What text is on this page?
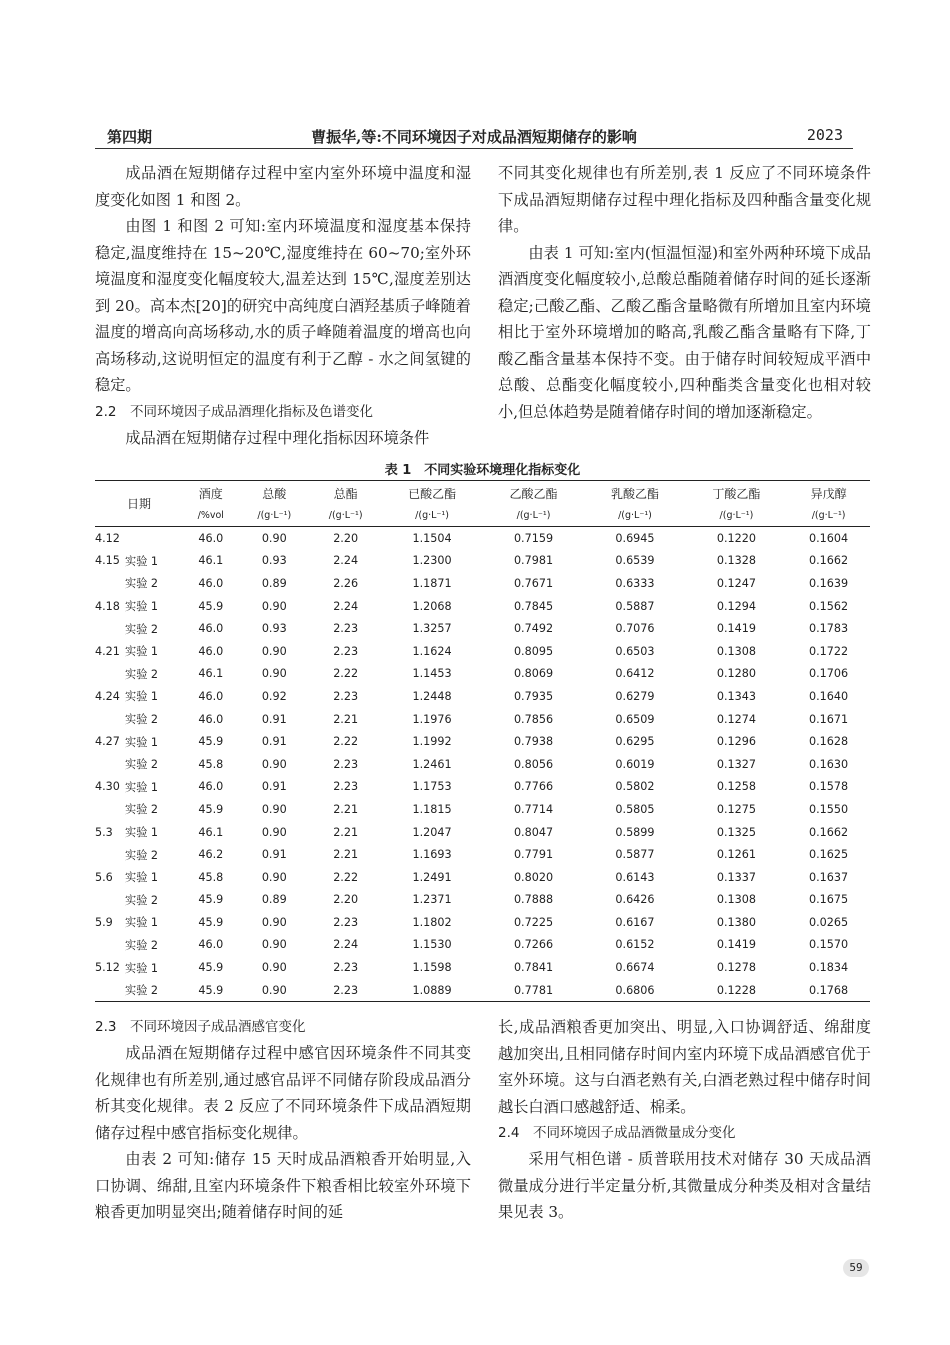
第四期	曹振华,等:不同环境因子对成品酒短期储存的影响	2023

成品酒在短期储存过程中室内室外环境中温度和湿度变化如图 1 和图 2。

由图 1 和图 2 可知:室内环境温度和湿度基本保持稳定,温度维持在 15~20℃,湿度维持在 60~70;室外环境温度和湿度变化幅度较大,温差达到 15℃,湿度差别达到 20。高本杰[20]的研究中高纯度白酒羟基质子峰随着温度的增高向高场移动,水的质子峰随着温度的增高也向高场移动,这说明恒定的温度有利于乙醇 - 水之间氢键的稳定。

2.2　不同环境因子成品酒理化指标及色谱变化

成品酒在短期储存过程中理化指标因环境条件

不同其变化规律也有所差别,表 1 反应了不同环境条件下成品酒短期储存过程中理化指标及四种酯含量变化规律。

由表 1 可知:室内(恒温恒湿)和室外两种环境下成品酒酒度变化幅度较小,总酸总酯随着储存时间的延长逐渐稳定;己酸乙酯、乙酸乙酯含量略微有所增加且室内环境相比于室外环境增加的略高,乳酸乙酯含量略有下降,丁酸乙酯含量基本保持不变。由于储存时间较短成平酒中总酸、总酯变化幅度较小,四种酯类含量变化也相对较小,但总体趋势是随着储存时间的增加逐渐稳定。

表 1　不同实验环境理化指标变化
日期		酒度	总酸	总酯	已酸乙酯	乙酸乙酯	乳酸乙酯	丁酸乙酯	异戊醇
		/%vol	/(g·L⁻¹)	/(g·L⁻¹)	/(g·L⁻¹)	/(g·L⁻¹)	/(g·L⁻¹)	/(g·L⁻¹)	/(g·L⁻¹)
4.12		46.0	0.90	2.20	1.1504	0.7159	0.6945	0.1220	0.1604
4.15	实验 1	46.1	0.93	2.24	1.2300	0.7981	0.6539	0.1328	0.1662
	实验 2	46.0	0.89	2.26	1.1871	0.7671	0.6333	0.1247	0.1639
4.18	实验 1	45.9	0.90	2.24	1.2068	0.7845	0.5887	0.1294	0.1562
	实验 2	46.0	0.93	2.23	1.3257	0.7492	0.7076	0.1419	0.1783
4.21	实验 1	46.0	0.90	2.23	1.1624	0.8095	0.6503	0.1308	0.1722
	实验 2	46.1	0.90	2.22	1.1453	0.8069	0.6412	0.1280	0.1706
4.24	实验 1	46.0	0.92	2.23	1.2448	0.7935	0.6279	0.1343	0.1640
	实验 2	46.0	0.91	2.21	1.1976	0.7856	0.6509	0.1274	0.1671
4.27	实验 1	45.9	0.91	2.22	1.1992	0.7938	0.6295	0.1296	0.1628
	实验 2	45.8	0.90	2.23	1.2461	0.8056	0.6019	0.1327	0.1630
4.30	实验 1	46.0	0.91	2.23	1.1753	0.7766	0.5802	0.1258	0.1578
	实验 2	45.9	0.90	2.21	1.1815	0.7714	0.5805	0.1275	0.1550
5.3	实验 1	46.1	0.90	2.21	1.2047	0.8047	0.5899	0.1325	0.1662
	实验 2	46.2	0.91	2.21	1.1693	0.7791	0.5877	0.1261	0.1625
5.6	实验 1	45.8	0.90	2.22	1.2491	0.8020	0.6143	0.1337	0.1637
	实验 2	45.9	0.89	2.20	1.2371	0.7888	0.6426	0.1308	0.1675
5.9	实验 1	45.9	0.90	2.23	1.1802	0.7225	0.6167	0.1380	0.0265
	实验 2	46.0	0.90	2.24	1.1530	0.7266	0.6152	0.1419	0.1570
5.12	实验 1	45.9	0.90	2.23	1.1598	0.7841	0.6674	0.1278	0.1834
	实验 2	45.9	0.90	2.23	1.0889	0.7781	0.6806	0.1228	0.1768
2.3　不同环境因子成品酒感官变化

成品酒在短期储存过程中感官因环境条件不同其变化规律也有所差别,通过感官品评不同储存阶段成品酒分析其变化规律。表 2 反应了不同环境条件下成品酒短期储存过程中感官指标变化规律。

由表 2 可知:储存 15 天时成品酒粮香开始明显,入口协调、绵甜,且室内环境条件下粮香相比较室外环境下粮香更加明显突出;随着储存时间的延

长,成品酒粮香更加突出、明显,入口协调舒适、绵甜度越加突出,且相同储存时间内室内环境下成品酒感官优于室外环境。这与白酒老熟有关,白酒老熟过程中储存时间越长白酒口感越舒适、棉柔。

2.4　不同环境因子成品酒微量成分变化

采用气相色谱 - 质普联用技术对储存 30 天成品酒微量成分进行半定量分析,其微量成分种类及相对含量结果见表 3。

59
